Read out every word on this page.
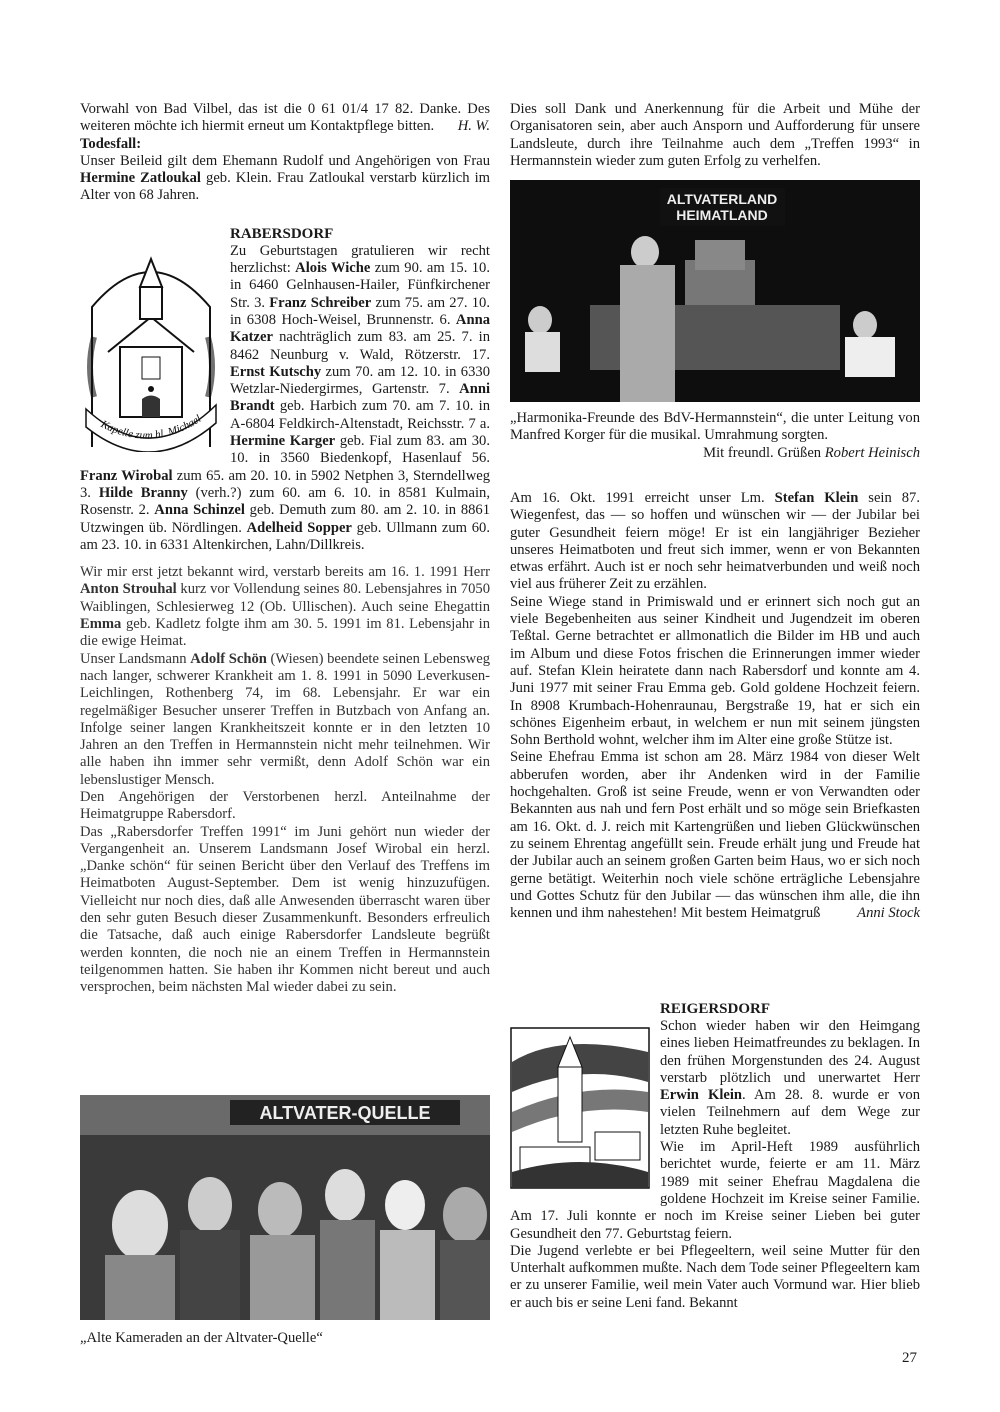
Vorwahl von Bad Vilbel, das ist die 0 61 01/4 17 82. Danke. Des weiteren möchte ich hiermit erneut um Kontaktpflege bitten.	H. W.
Todesfall:

Unser Beileid gilt dem Ehemann Rudolf und Angehörigen von Frau Hermine Zatloukal geb. Klein. Frau Zatloukal verstarb kürzlich im Alter von 68 Jahren.

Kapelle zum hl. Michael
RABERSDORF

Zu Geburtstagen gratulieren wir recht herzlichst: Alois Wiche zum 90. am 15. 10. in 6460 Gelnhausen-Hailer, Fünfkirchener Str. 3. Franz Schreiber zum 75. am 27. 10. in 6308 Hoch-Weisel, Brunnenstr. 6. Anna Katzer nachträglich zum 83. am 25. 7. in 8462 Neunburg v. Wald, Rötzerstr. 17. Ernst Kutschy zum 70. am 12. 10. in 6330 Wetzlar-Niedergirmes, Gartenstr. 7. Anni Brandt geb. Harbich zum 70. am 7. 10. in A-6804 Feldkirch-Altenstadt, Reichsstr. 7 a. Hermine Karger geb. Fial zum 83. am 30. 10. in 3560 Biedenkopf, Hasenlauf 56. Franz Wirobal zum 65. am 20. 10. in 5902 Netphen 3, Sterndellweg 3. Hilde Branny (verh.?) zum 60. am 6. 10. in 8581 Kulmain, Rosenstr. 2. Anna Schinzel geb. Demuth zum 80. am 2. 10. in 8861 Utzwingen üb. Nördlingen. Adelheid Sopper geb. Ullmann zum 60. am 23. 10. in 6331 Altenkirchen, Lahn/Dillkreis.

Wir mir erst jetzt bekannt wird, verstarb bereits am 16. 1. 1991 Herr Anton Strouhal kurz vor Vollendung seines 80. Lebensjahres in 7050 Waiblingen, Schlesierweg 12 (Ob. Ullischen). Auch seine Ehegattin Emma geb. Kadletz folgte ihm am 30. 5. 1991 im 81. Lebensjahr in die ewige Heimat.

Unser Landsmann Adolf Schön (Wiesen) beendete seinen Lebensweg nach langer, schwerer Krankheit am 1. 8. 1991 in 5090 Leverkusen-Leichlingen, Rothenberg 74, im 68. Lebensjahr. Er war ein regelmäßiger Besucher unserer Treffen in Butzbach von Anfang an. Infolge seiner langen Krankheitszeit konnte er in den letzten 10 Jahren an den Treffen in Hermannstein nicht mehr teilnehmen. Wir alle haben ihn immer sehr vermißt, denn Adolf Schön war ein lebenslustiger Mensch.

Den Angehörigen der Verstorbenen herzl. Anteilnahme der Heimatgruppe Rabersdorf.

Das „Rabersdorfer Treffen 1991“ im Juni gehört nun wieder der Vergangenheit an. Unserem Landsmann Josef Wirobal ein herzl. „Danke schön“ für seinen Bericht über den Verlauf des Treffens im Heimatboten August-September. Dem ist wenig hinzuzufügen. Vielleicht nur noch dies, daß alle Anwesenden überrascht waren über den sehr guten Besuch dieser Zusammenkunft. Besonders erfreulich die Tatsache, daß auch einige Rabersdorfer Landsleute begrüßt werden konnten, die noch nie an einem Treffen in Hermannstein teilgenommen hatten. Sie haben ihr Kommen nicht bereut und auch versprochen, beim nächsten Mal wieder dabei zu sein.

ALTVATER-QUELLE
„Alte Kameraden an der Altvater-Quelle“

Dies soll Dank und Anerkennung für die Arbeit und Mühe der Organisatoren sein, aber auch Ansporn und Aufforderung für unsere Landsleute, durch ihre Teilnahme auch dem „Treffen 1993“ in Hermannstein wieder zum guten Erfolg zu verhelfen.

ALTVATERLAND
HEIMATLAND
„Harmonika-Freunde des BdV-Hermannstein“, die unter Leitung von Manfred Korger für die musikal. Umrahmung sorgten.
Mit freundl. Grüßen Robert Heinisch

Am 16. Okt. 1991 erreicht unser Lm. Stefan Klein sein 87. Wiegenfest, das — so hoffen und wünschen wir — der Jubilar bei guter Gesundheit feiern möge! Er ist ein langjähriger Bezieher unseres Heimatboten und freut sich immer, wenn er von Bekannten etwas erfährt. Auch ist er noch sehr heimatverbunden und weiß noch viel aus früherer Zeit zu erzählen.

Seine Wiege stand in Primiswald und er erinnert sich noch gut an viele Begebenheiten aus seiner Kindheit und Jugendzeit im oberen Teßtal. Gerne betrachtet er allmonatlich die Bilder im HB und auch im Album und diese Fotos frischen die Erinnerungen immer wieder auf. Stefan Klein heiratete dann nach Rabersdorf und konnte am 4. Juni 1977 mit seiner Frau Emma geb. Gold goldene Hochzeit feiern. In 8908 Krumbach-Hohenraunau, Bergstraße 19, hat er sich ein schönes Eigenheim erbaut, in welchem er nun mit seinem jüngsten Sohn Berthold wohnt, welcher ihm im Alter eine große Stütze ist.

Seine Ehefrau Emma ist schon am 28. März 1984 von dieser Welt abberufen worden, aber ihr Andenken wird in der Familie hochgehalten. Groß ist seine Freude, wenn er von Verwandten oder Bekannten aus nah und fern Post erhält und so möge sein Briefkasten am 16. Okt. d. J. reich mit Kartengrüßen und lieben Glückwünschen zu seinem Ehrentag angefüllt sein. Freude erhält jung und Freude hat der Jubilar auch an seinem großen Garten beim Haus, wo er sich noch gerne betätigt. Weiterhin noch viele schöne erträgliche Lebensjahre und Gottes Schutz für den Jubilar — das wünschen ihm alle, die ihn kennen und ihm nahestehen! Mit bestem Heimatgruß	Anni Stock
REIGERSDORF

Schon wieder haben wir den Heimgang eines lieben Heimatfreundes zu beklagen. In den frühen Morgenstunden des 24. August verstarb plötzlich und unerwartet Herr Erwin Klein. Am 28. 8. wurde er von vielen Teilnehmern auf dem Wege zur letzten Ruhe begleitet.

Wie im April-Heft 1989 ausführlich berichtet wurde, feierte er am 11. März 1989 mit seiner Ehefrau Magdalena die goldene Hochzeit im Kreise seiner Familie. Am 17. Juli konnte er noch im Kreise seiner Lieben bei guter Gesundheit den 77. Geburtstag feiern.

Die Jugend verlebte er bei Pflegeeltern, weil seine Mutter für den Unterhalt aufkommen mußte. Nach dem Tode seiner Pflegeeltern kam er zu unserer Familie, weil mein Vater auch Vormund war. Hier blieb er auch bis er seine Leni fand. Bekannt

27
